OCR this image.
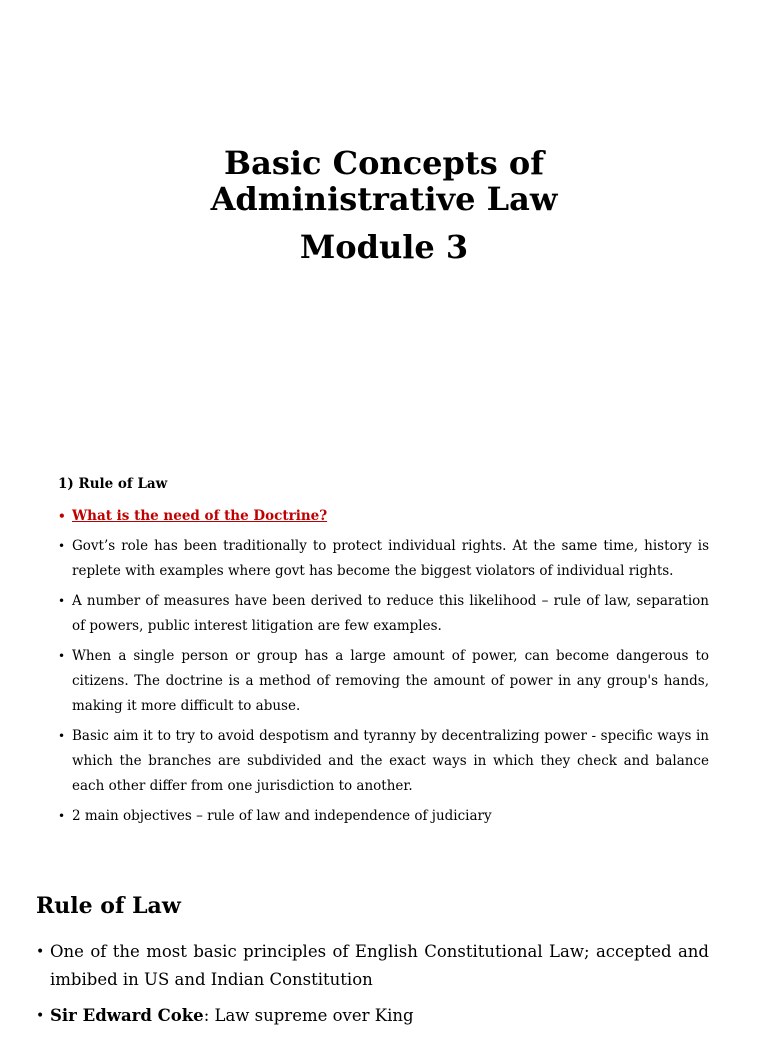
Basic Concepts of
Administrative Law
Module 3
1) Rule of Law
• What is the need of the Doctrine?
• Govt’s role has been traditionally to protect individual rights. At the same time, history is replete with examples where govt has become the biggest violators of individual rights.
• A number of measures have been derived to reduce this likelihood – rule of law, separation of powers, public interest litigation are few examples.
• When a single person or group has a large amount of power, can become dangerous to citizens. The doctrine is a method of removing the amount of power in any group's hands, making it more difficult to abuse.
• Basic aim it to try to avoid despotism and tyranny by decentralizing power - specific ways in which the branches are subdivided and the exact ways in which they check and balance each other differ from one jurisdiction to another.
• 2 main objectives – rule of law and independence of judiciary
Rule of Law
• One of the most basic principles of English Constitutional Law; accepted and imbibed in US and Indian Constitution
• Sir Edward Coke: Law supreme over King
